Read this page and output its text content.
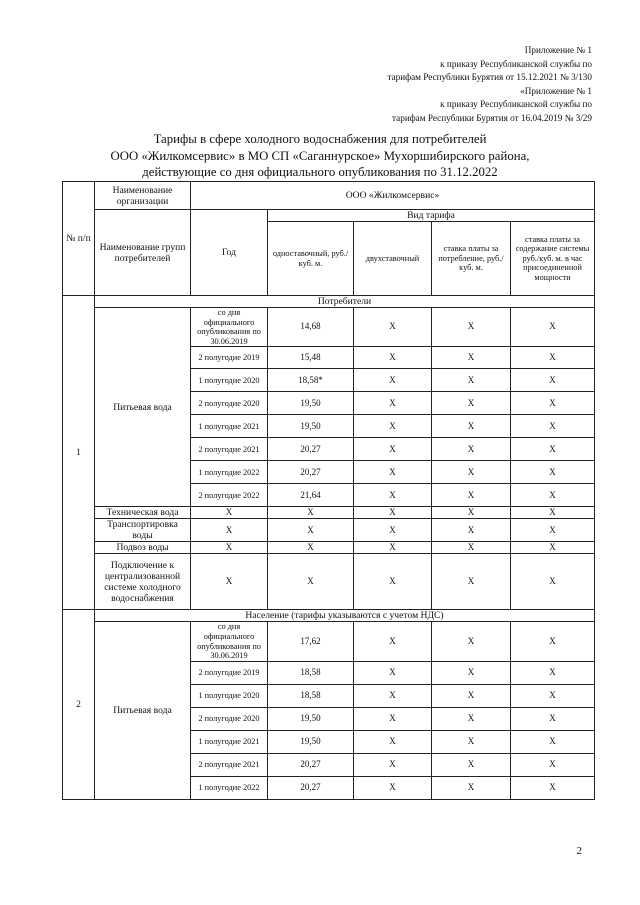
Приложение № 1
к приказу Республиканской службы по
тарифам Республики Бурятия от 15.12.2021 № 3/130
«Приложение № 1
к приказу Республиканской службы по
тарифам Республики Бурятия от 16.04.2019 № 3/29
Тарифы в сфере холодного водоснабжения для потребителей
ООО «Жилкомсервис» в МО СП «Саганнурское» Мухоршибирского района,
действующие со дня официального опубликования по 31.12.2022
№ п/п	Наименование организации	ООО «Жилкомсервис»				
	Наименование групп потребителей	Год	Вид тарифа			
			одноставочный, руб./ куб. м.	двухставочный	ставка платы за потребление, руб./ куб. м.	ставка платы за содержание системы руб./куб. м. в час присоединенной мощности
1	Потребители					
	Питьевая вода	со дня официального опубликования по 30.06.2019	14,68	Х	Х	Х
		2 полугодие 2019	15,48	Х	Х	Х
		1 полугодие 2020	18,58*	Х	Х	Х
		2 полугодие 2020	19,50	Х	Х	Х
		1 полугодие 2021	19,50	Х	Х	Х
		2 полугодие 2021	20,27	Х	Х	Х
		1 полугодие 2022	20,27	Х	Х	Х
		2 полугодие 2022	21,64	Х	Х	Х
	Техническая вода	Х	Х	Х	Х	Х
	Транспортировка воды	Х	Х	Х	Х	Х
	Подвоз воды	Х	Х	Х	Х	Х
	Подключение к централизованной системе холодного водоснабжения	Х	Х	Х	Х	Х
2	Население (тарифы указываются с учетом НДС)					
	Питьевая вода	со дня официального опубликования по 30.06.2019	17,62	Х	Х	Х
		2 полугодие 2019	18,58	Х	Х	Х
		1 полугодие 2020	18,58	Х	Х	Х
		2 полугодие 2020	19,50	Х	Х	Х
		1 полугодие 2021	19,50	Х	Х	Х
		2 полугодие 2021	20,27	Х	Х	Х
		1 полугодие 2022	20,27	Х	Х	Х
2
